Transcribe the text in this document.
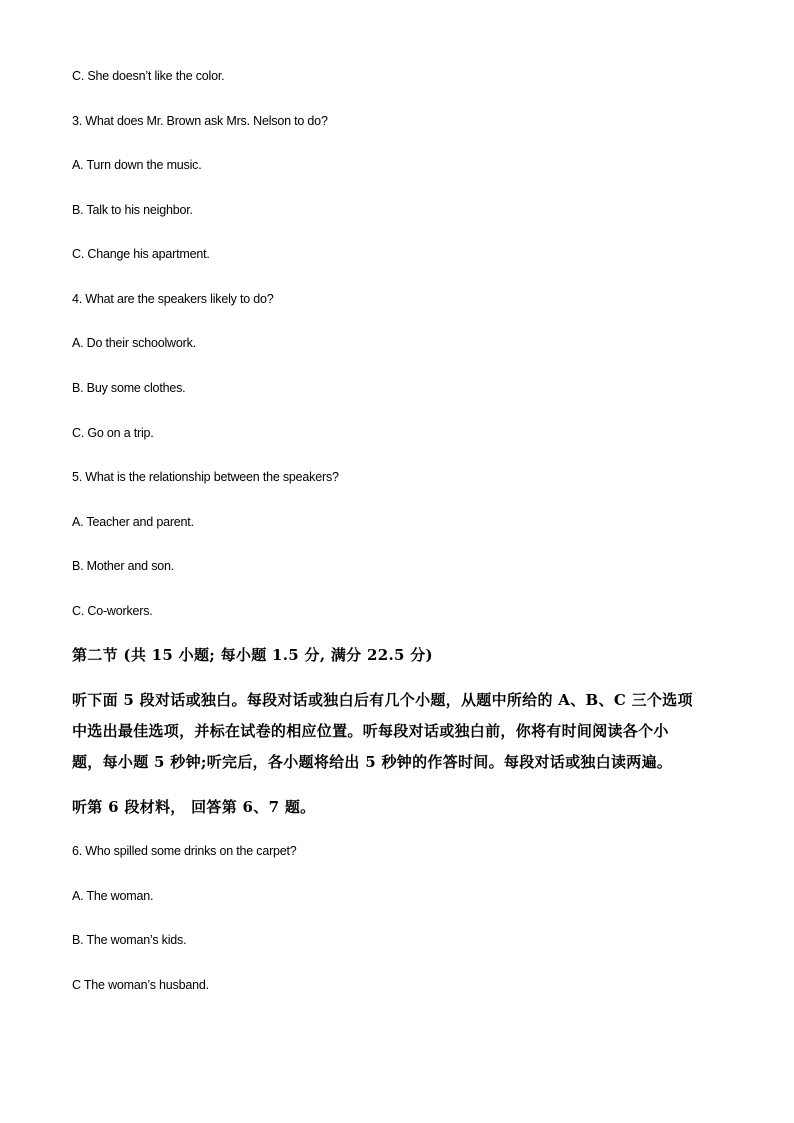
C. She doesn’t like the color.
3. What does Mr. Brown ask Mrs. Nelson to do?
A. Turn down the music.
B. Talk to his neighbor.
C. Change his apartment.
4. What are the speakers likely to do?
A. Do their schoolwork.
B. Buy some clothes.
C. Go on a trip.
5. What is the relationship between the speakers?
A. Teacher and parent.
B. Mother and son.
C. Co-workers.
第二节 (共 15 小题; 每小题 1.5 分, 满分 22.5 分)
听下面 5 段对话或独白。每段对话或独白后有几个小题，从题中所给的 A、B、C 三个选项
中选出最佳选项，并标在试卷的相应位置。听每段对话或独白前，你将有时间阅读各个小
题，每小题 5 秒钟;听完后，各小题将给出 5 秒钟的作答时间。每段对话或独白读两遍。
听第 6 段材料， 回答第 6、7 题。
6. Who spilled some drinks on the carpet?
A. The woman.
B. The woman’s kids.
C The woman’s husband.
